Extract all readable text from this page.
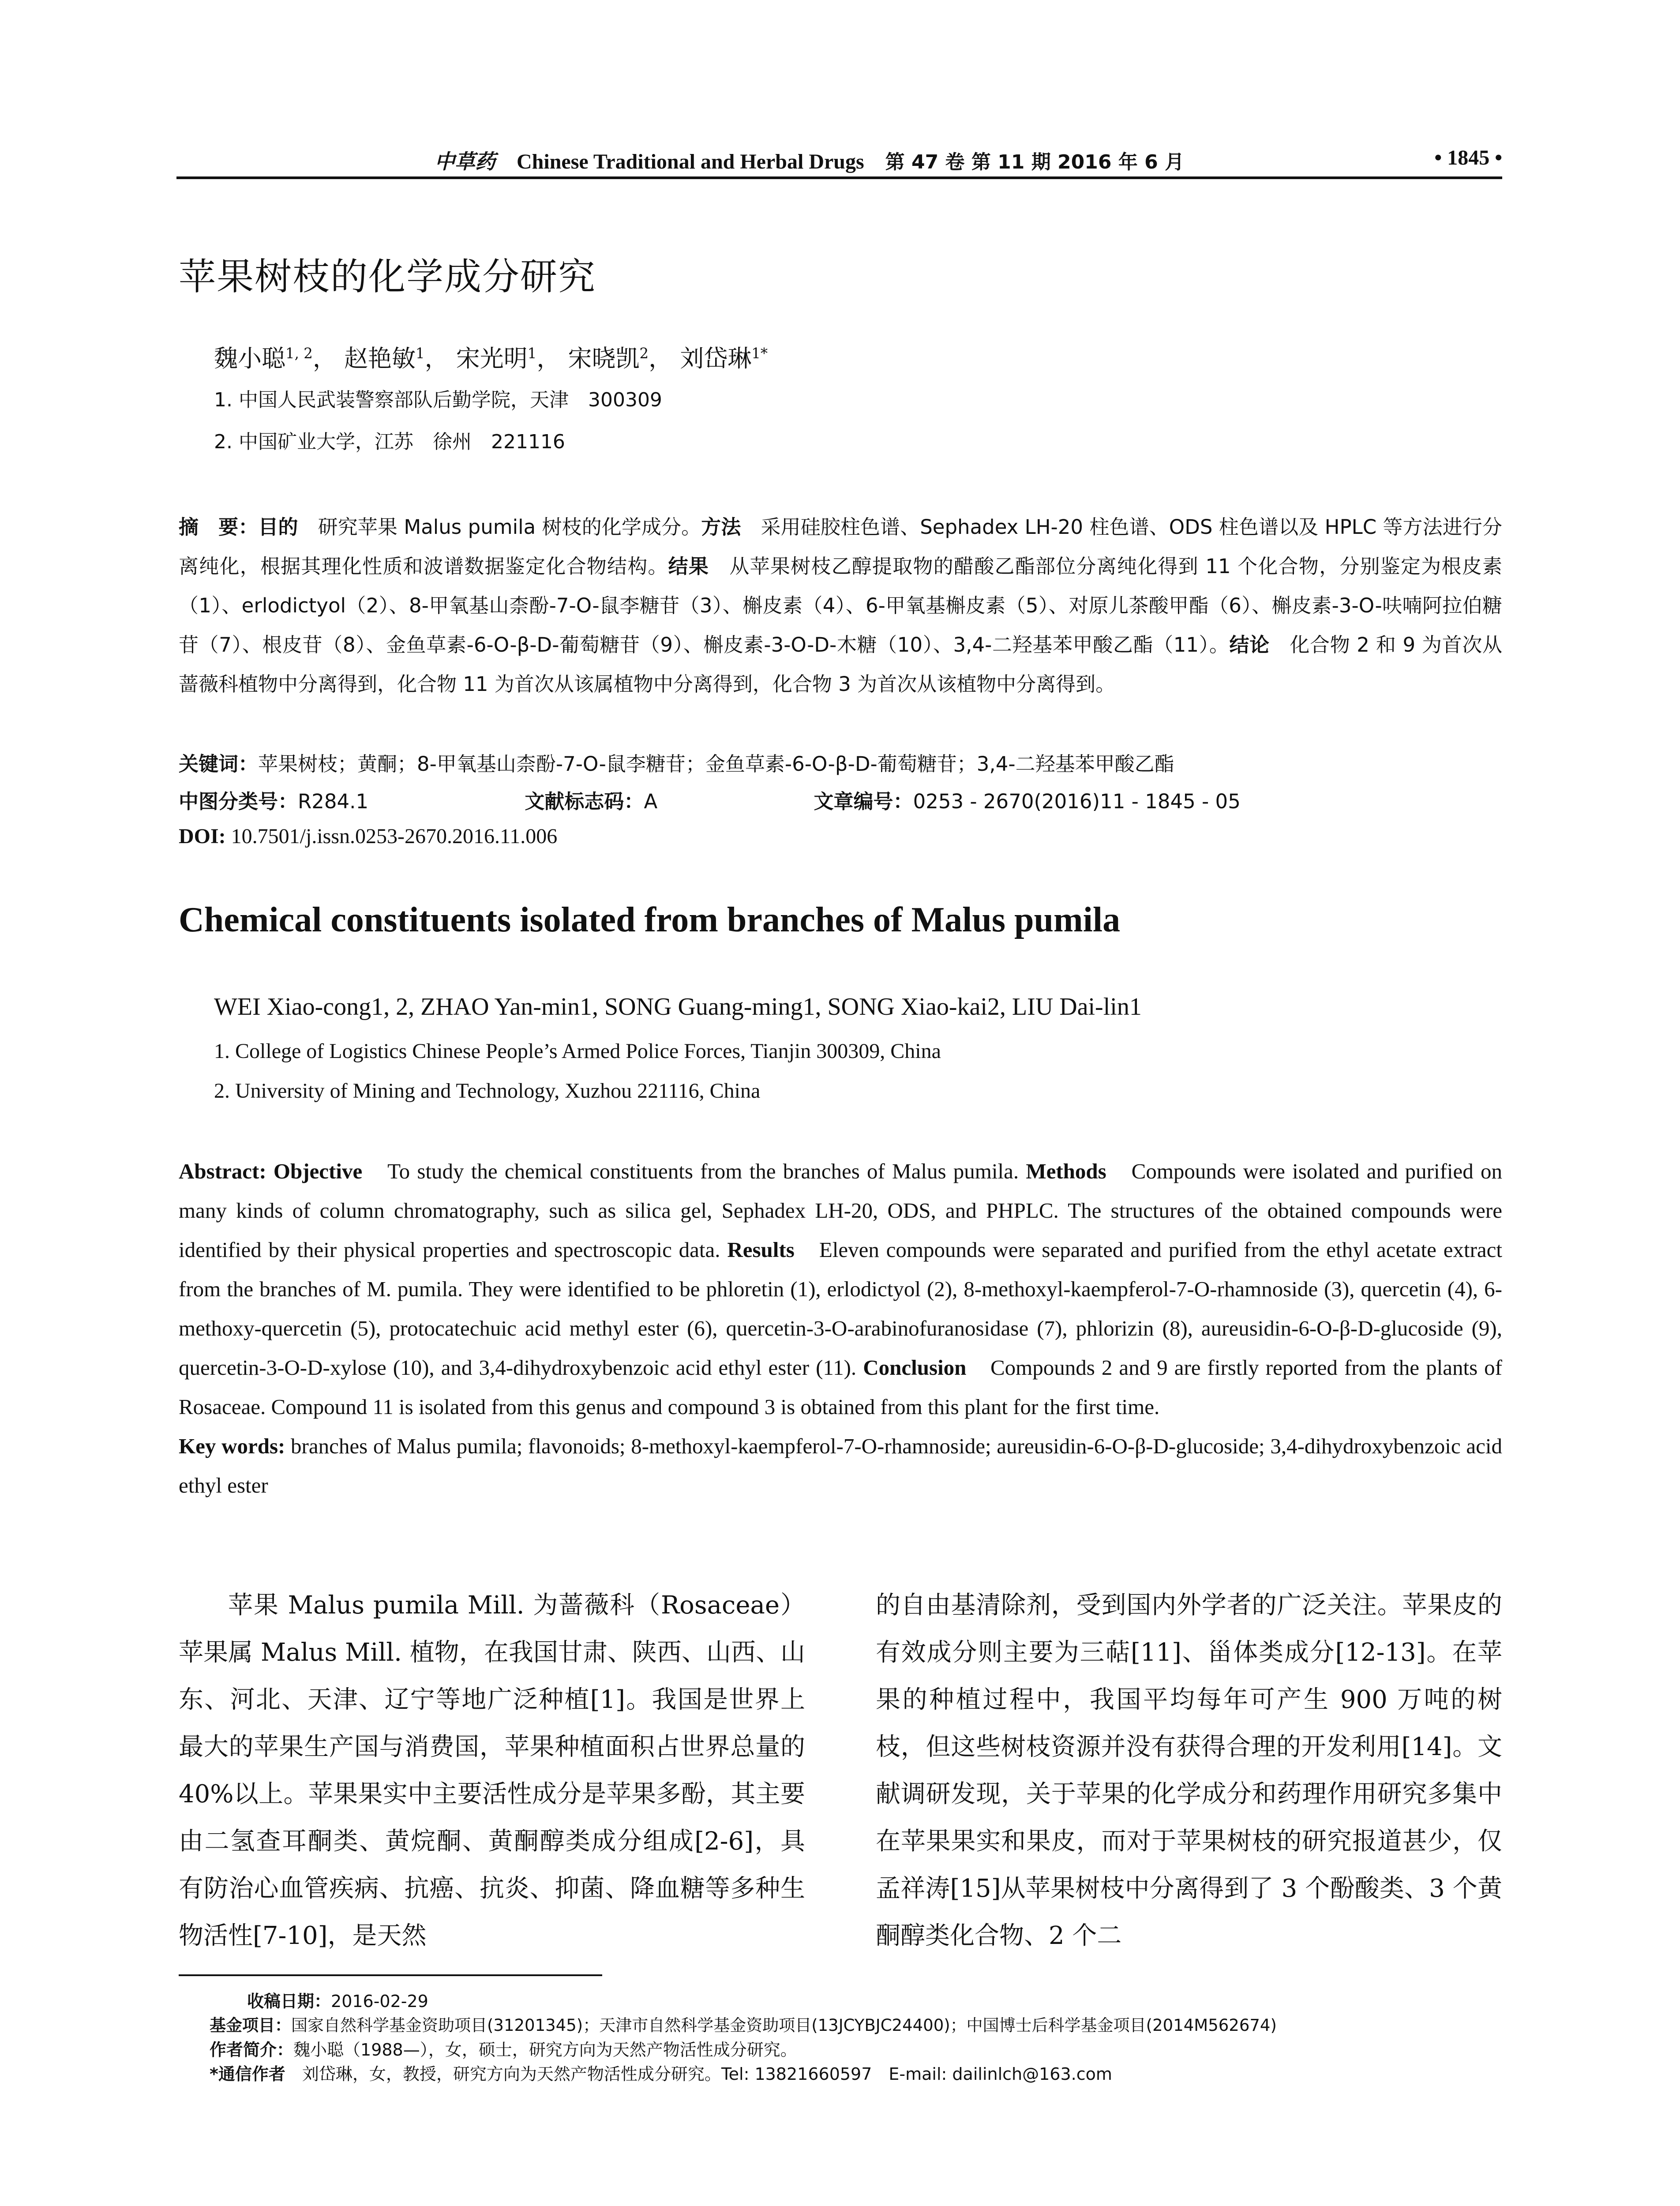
中草药 Chinese Traditional and Herbal Drugs 第 47 卷 第 11 期 2016 年 6 月	• 1845 •
苹果树枝的化学成分研究
魏小聪$^{1, 2}$， 赵艳敏$^1$， 宋光明$^1$， 宋晓凯$^2$， 刘岱琳$^{1*}$
1. 中国人民武装警察部队后勤学院，天津　300309
2. 中国矿业大学，江苏　徐州　221116
摘　要：目的　研究苹果 Malus pumila 树枝的化学成分。方法　采用硅胶柱色谱、Sephadex LH-20 柱色谱、ODS 柱色谱以及 HPLC 等方法进行分离纯化，根据其理化性质和波谱数据鉴定化合物结构。结果　从苹果树枝乙醇提取物的醋酸乙酯部位分离纯化得到 11 个化合物，分别鉴定为根皮素（1）、erlodictyol（2）、8-甲氧基山柰酚-7-O-鼠李糖苷（3）、槲皮素（4）、6-甲氧基槲皮素（5）、对原儿茶酸甲酯（6）、槲皮素-3-O-呋喃阿拉伯糖苷（7）、根皮苷（8）、金鱼草素-6-O-β-D-葡萄糖苷（9）、槲皮素-3-O-D-木糖（10）、3,4-二羟基苯甲酸乙酯（11）。结论　化合物 2 和 9 为首次从蔷薇科植物中分离得到，化合物 11 为首次从该属植物中分离得到，化合物 3 为首次从该植物中分离得到。
关键词：苹果树枝；黄酮；8-甲氧基山柰酚-7-O-鼠李糖苷；金鱼草素-6-O-β-D-葡萄糖苷；3,4-二羟基苯甲酸乙酯
中图分类号：R284.1	文献标志码：A	文章编号：0253 - 2670(2016)11 - 1845 - 05
DOI: 10.7501/j.issn.0253-2670.2016.11.006
Chemical constituents isolated from branches of Malus pumila
WEI Xiao-cong1, 2, ZHAO Yan-min1, SONG Guang-ming1, SONG Xiao-kai2, LIU Dai-lin1
1. College of Logistics Chinese People’s Armed Police Forces, Tianjin 300309, China
2. University of Mining and Technology, Xuzhou 221116, China
Abstract: Objective　To study the chemical constituents from the branches of Malus pumila. Methods　Compounds were isolated and purified on many kinds of column chromatography, such as silica gel, Sephadex LH-20, ODS, and PHPLC. The structures of the obtained compounds were identified by their physical properties and spectroscopic data. Results　Eleven compounds were separated and purified from the ethyl acetate extract from the branches of M. pumila. They were identified to be phloretin (1), erlodictyol (2), 8-methoxyl-kaempferol-7-O-rhamnoside (3), quercetin (4), 6-methoxy-quercetin (5), protocatechuic acid methyl ester (6), quercetin-3-O-arabinofuranosidase (7), phlorizin (8), aureusidin-6-O-β-D-glucoside (9), quercetin-3-O-D-xylose (10), and 3,4-dihydroxybenzoic acid ethyl ester (11). Conclusion　Compounds 2 and 9 are firstly reported from the plants of Rosaceae. Compound 11 is isolated from this genus and compound 3 is obtained from this plant for the first time.
Key words: branches of Malus pumila; flavonoids; 8-methoxyl-kaempferol-7-O-rhamnoside; aureusidin-6-O-β-D-glucoside; 3,4-dihydroxybenzoic acid ethyl ester
苹果 Malus pumila Mill. 为蔷薇科（Rosaceae）苹果属 Malus Mill. 植物，在我国甘肃、陕西、山西、山东、河北、天津、辽宁等地广泛种植[1]。我国是世界上最大的苹果生产国与消费国，苹果种植面积占世界总量的 40%以上。苹果果实中主要活性成分是苹果多酚，其主要由二氢查耳酮类、黄烷酮、黄酮醇类成分组成[2-6]，具有防治心血管疾病、抗癌、抗炎、抑菌、降血糖等多种生物活性[7-10]，是天然
的自由基清除剂，受到国内外学者的广泛关注。苹果皮的有效成分则主要为三萜[11]、甾体类成分[12-13]。在苹果的种植过程中，我国平均每年可产生 900 万吨的树枝，但这些树枝资源并没有获得合理的开发利用[14]。文献调研发现，关于苹果的化学成分和药理作用研究多集中在苹果果实和果皮，而对于苹果树枝的研究报道甚少，仅孟祥涛[15]从苹果树枝中分离得到了 3 个酚酸类、3 个黄酮醇类化合物、2 个二
收稿日期：2016-02-29
基金项目：国家自然科学基金资助项目(31201345)；天津市自然科学基金资助项目(13JCYBJC24400)；中国博士后科学基金项目(2014M562674)
作者简介：魏小聪（1988—），女，硕士，研究方向为天然产物活性成分研究。
*通信作者　刘岱琳，女，教授，研究方向为天然产物活性成分研究。Tel: 13821660597　E-mail: dailinlch@163.com
